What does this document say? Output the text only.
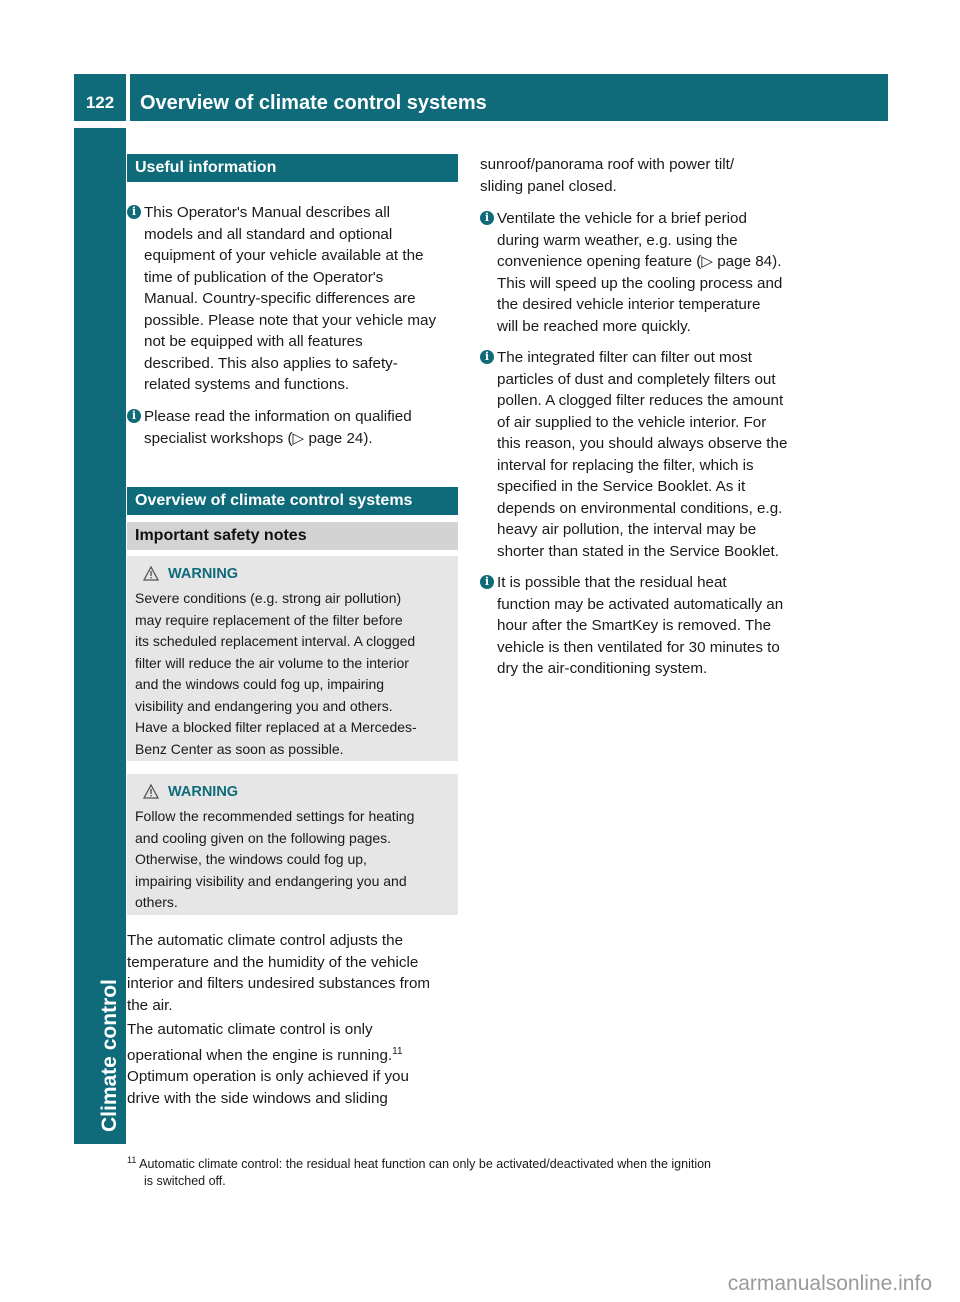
122	Overview of climate control systems
Climate control
Useful information
i This Operator's Manual describes all
models and all standard and optional
equipment of your vehicle available at the
time of publication of the Operator's
Manual. Country-specific differences are
possible. Please note that your vehicle may
not be equipped with all features
described. This also applies to safety-
related systems and functions.
i Please read the information on qualified
specialist workshops (▷ page 24).
Overview of climate control systems
Important safety notes
WARNING
Severe conditions (e.g. strong air pollution)
may require replacement of the filter before
its scheduled replacement interval. A clogged
filter will reduce the air volume to the interior
and the windows could fog up, impairing
visibility and endangering you and others.
Have a blocked filter replaced at a Mercedes-
Benz Center as soon as possible.
WARNING
Follow the recommended settings for heating
and cooling given on the following pages.
Otherwise, the windows could fog up,
impairing visibility and endangering you and
others.
The automatic climate control adjusts the
temperature and the humidity of the vehicle
interior and filters undesired substances from
the air.
The automatic climate control is only
operational when the engine is running.$^{11}$
Optimum operation is only achieved if you
drive with the side windows and sliding
sunroof/panorama roof with power tilt/
sliding panel closed.
i Ventilate the vehicle for a brief period
during warm weather, e.g. using the
convenience opening feature (▷ page 84).
This will speed up the cooling process and
the desired vehicle interior temperature
will be reached more quickly.
i The integrated filter can filter out most
particles of dust and completely filters out
pollen. A clogged filter reduces the amount
of air supplied to the vehicle interior. For
this reason, you should always observe the
interval for replacing the filter, which is
specified in the Service Booklet. As it
depends on environmental conditions, e.g.
heavy air pollution, the interval may be
shorter than stated in the Service Booklet.
i It is possible that the residual heat
function may be activated automatically an
hour after the SmartKey is removed. The
vehicle is then ventilated for 30 minutes to
dry the air-conditioning system.
$^{11}$ Automatic climate control: the residual heat function can only be activated/deactivated when the ignition
is switched off.
carmanualsonline.info
